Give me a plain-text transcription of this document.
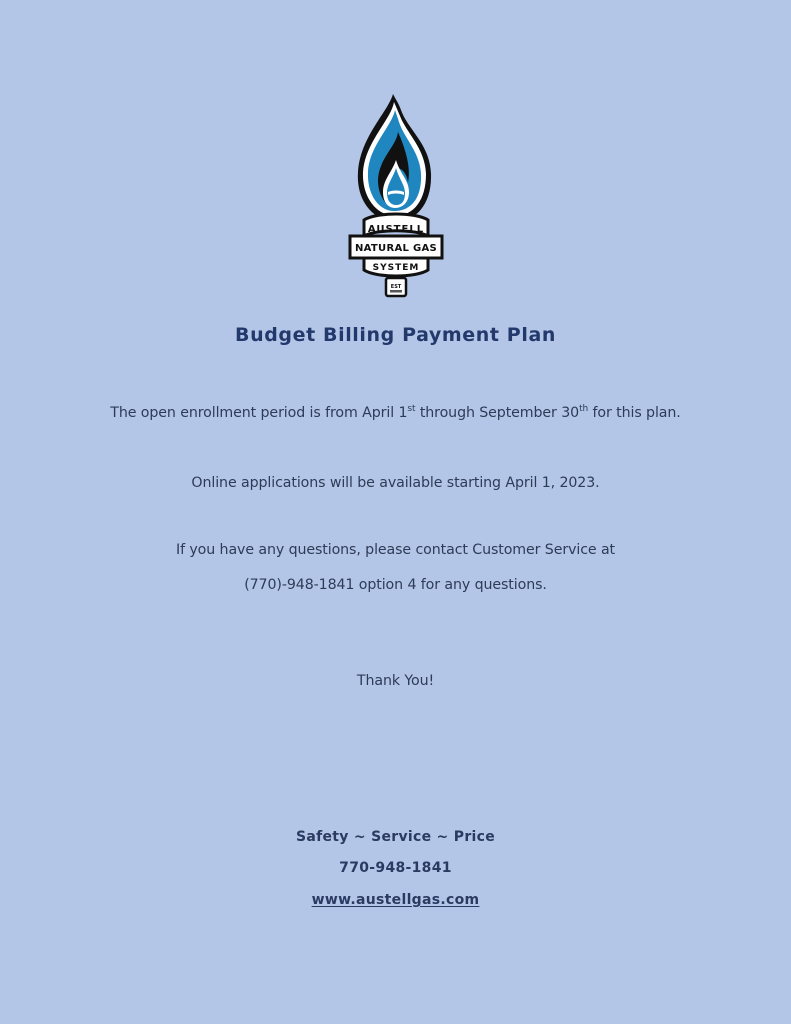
AUSTELL
NATURAL GAS
SYSTEM
EST
Budget Billing Payment Plan
The open enrollment period is from April 1st through September 30th for this plan.
Online applications will be available starting April 1, 2023.
If you have any questions, please contact Customer Service at
(770)-948-1841 option 4 for any questions.
Thank You!
Safety ~ Service ~ Price
770-948-1841
www.austellgas.com
